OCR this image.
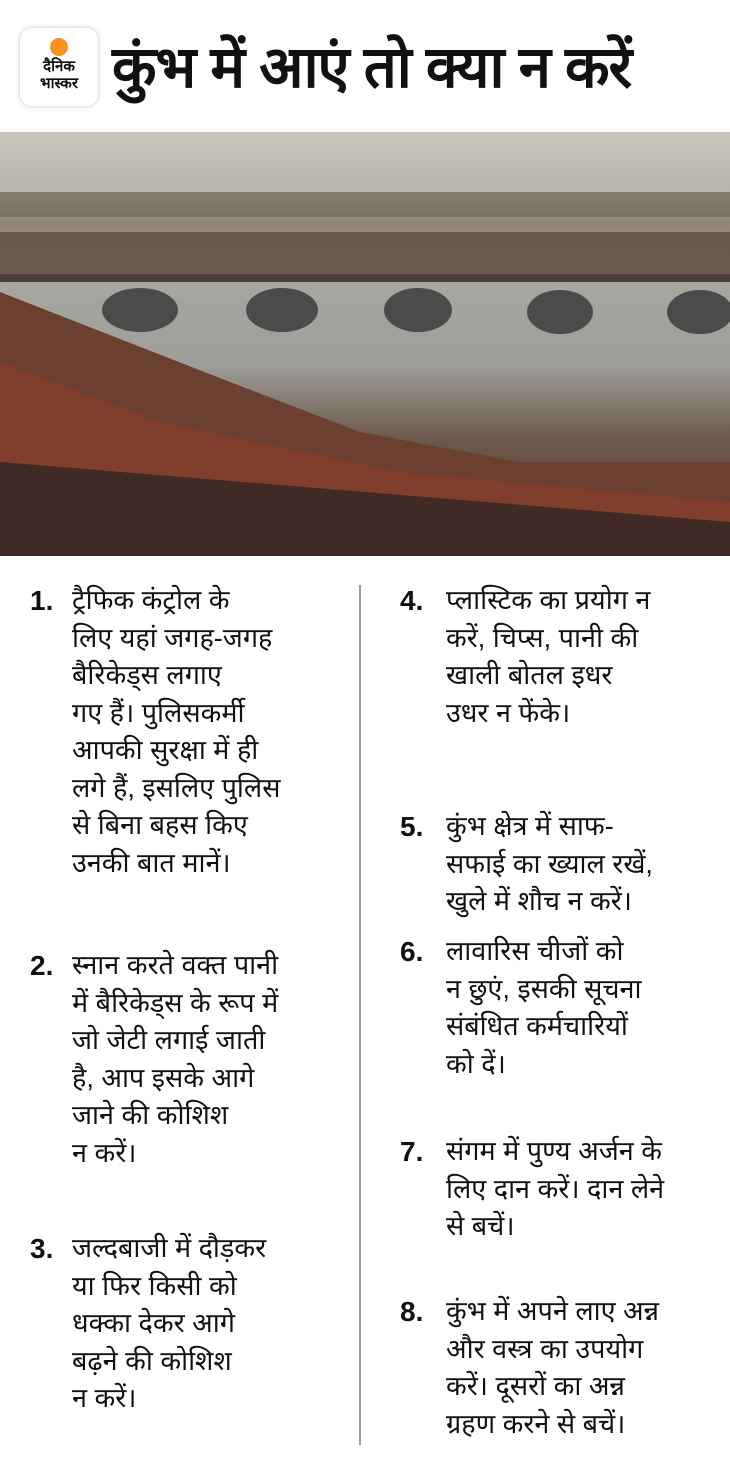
दैनिक
भास्कर कुंभ में आएं तो क्या न करें
1. ट्रैफिक कंट्रोल के
लिए यहां जगह-जगह
बैरिकेड्स लगाए
गए हैं। पुलिसकर्मी
आपकी सुरक्षा में ही
लगे हैं, इसलिए पुलिस
से बिना बहस किए
उनकी बात मानें।
2. स्नान करते वक्त पानी
में बैरिकेड्स के रूप में
जो जेटी लगाई जाती
है, आप इसके आगे
जाने की कोशिश
न करें।
3. जल्दबाजी में दौड़कर
या फिर किसी को
धक्का देकर आगे
बढ़ने की कोशिश
न करें।
4. प्लास्टिक का प्रयोग न
करें, चिप्स, पानी की
खाली बोतल इधर
उधर न फेंके।
5. कुंभ क्षेत्र में साफ-
सफाई का ख्याल रखें,
खुले में शौच न करें।
6. लावारिस चीजों को
न छुएं, इसकी सूचना
संबंधित कर्मचारियों
को दें।
7. संगम में पुण्य अर्जन के
लिए दान करें। दान लेने
से बचें।
8. कुंभ में अपने लाए अन्न
और वस्त्र का उपयोग
करें। दूसरों का अन्न
ग्रहण करने से बचें।
